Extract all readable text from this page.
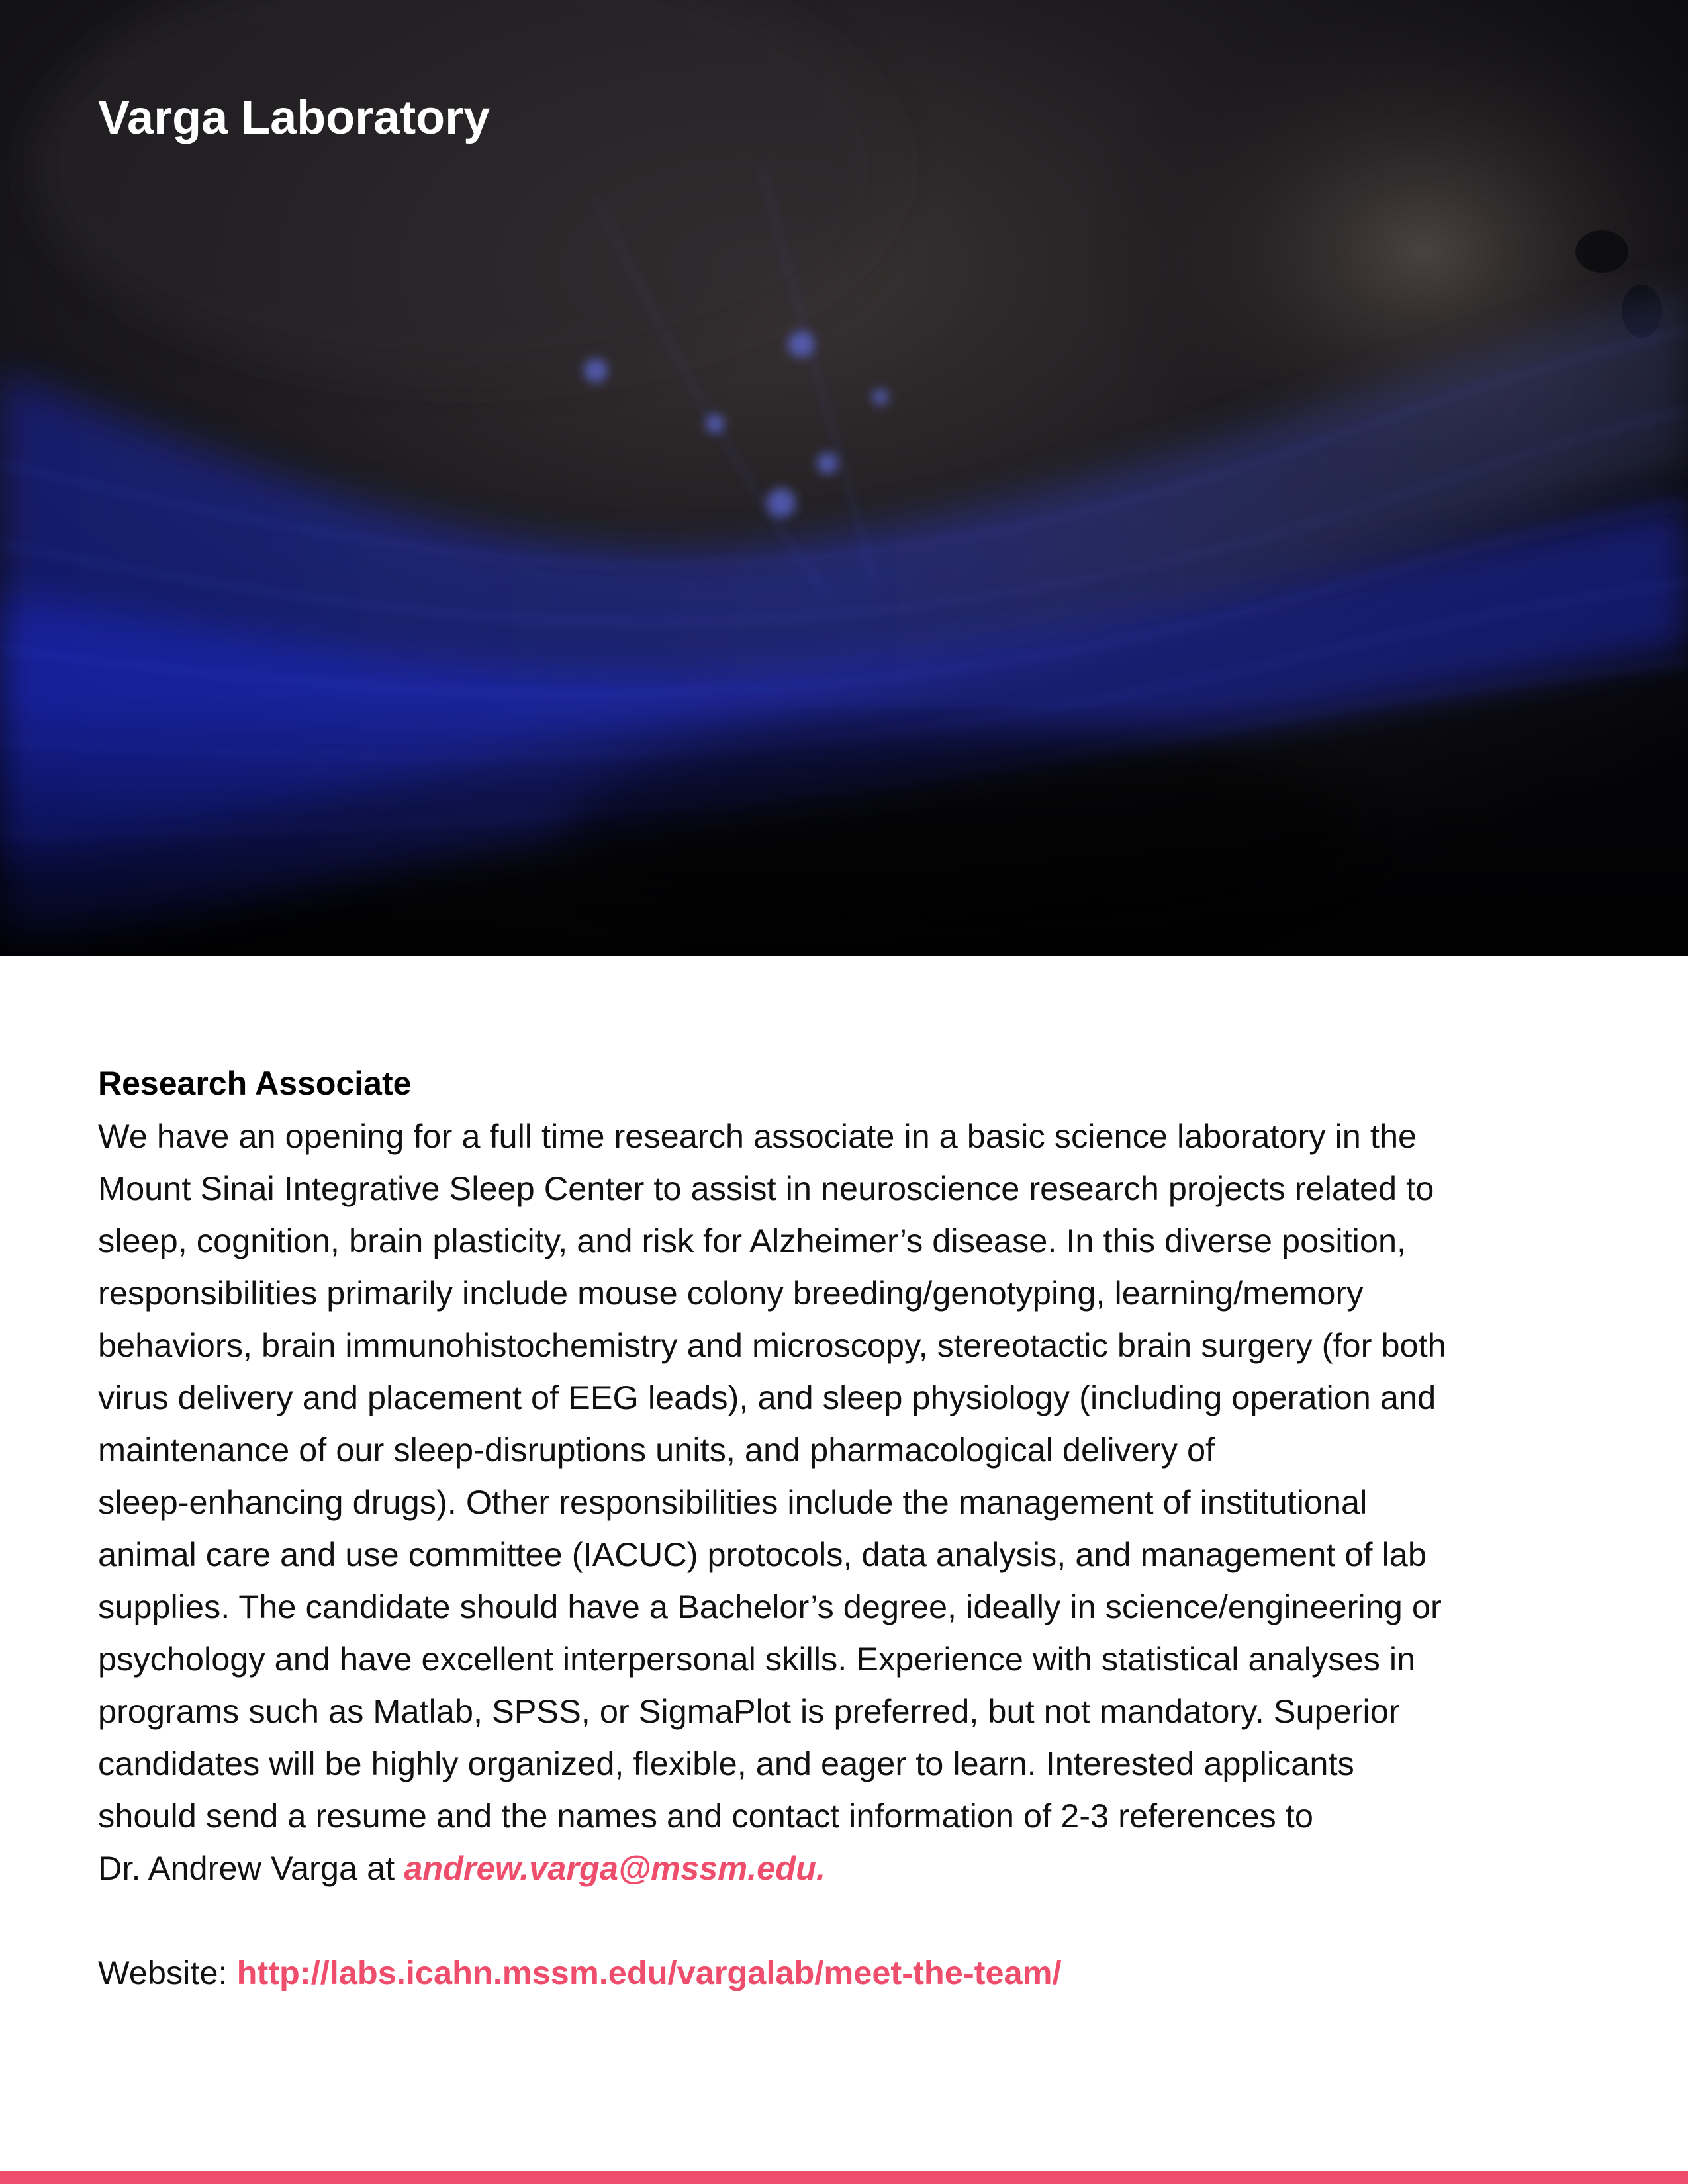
Varga Laboratory
Research Associate

We have an opening for a full time research associate in a basic science laboratory in the
Mount Sinai Integrative Sleep Center to assist in neuroscience research projects related to
sleep, cognition, brain plasticity, and risk for Alzheimer’s disease. In this diverse position,
responsibilities primarily include mouse colony breeding/genotyping, learning/memory
behaviors, brain immunohistochemistry and microscopy, stereotactic brain surgery (for both
virus delivery and placement of EEG leads), and sleep physiology (including operation and
maintenance of our sleep-disruptions units, and pharmacological delivery of
sleep-enhancing drugs). Other responsibilities include the management of institutional
animal care and use committee (IACUC) protocols, data analysis, and management of lab
supplies. The candidate should have a Bachelor’s degree, ideally in science/engineering or
psychology and have excellent interpersonal skills. Experience with statistical analyses in
programs such as Matlab, SPSS, or SigmaPlot is preferred, but not mandatory. Superior
candidates will be highly organized, flexible, and eager to learn. Interested applicants
should send a resume and the names and contact information of 2-3 references to
Dr. Andrew Varga at andrew.varga@mssm.edu.

Website: http://labs.icahn.mssm.edu/vargalab/meet-the-team/
